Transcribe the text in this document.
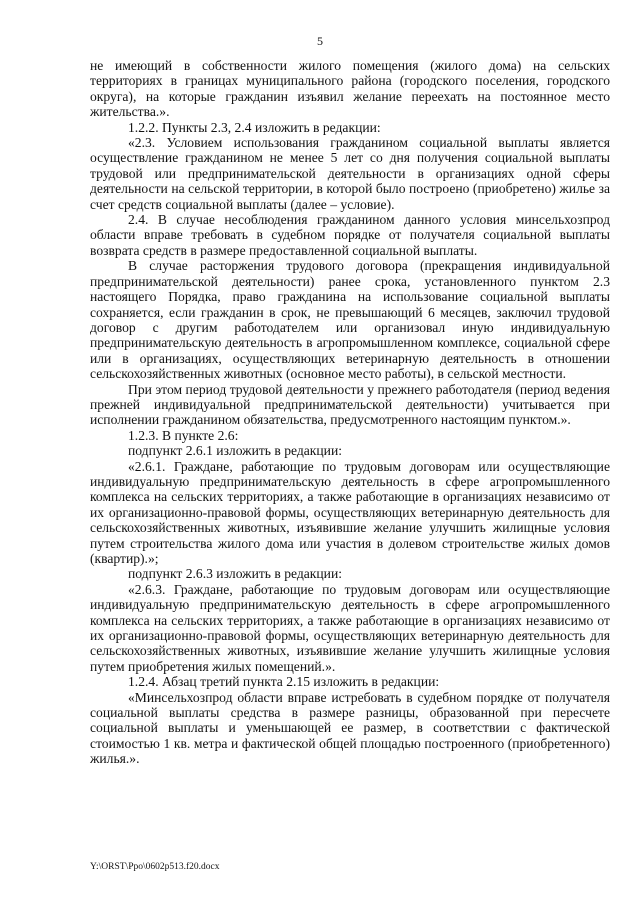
5

не имеющий в собственности жилого помещения (жилого дома) на сельских территориях в границах муниципального района (городского поселения, городского округа), на которые гражданин изъявил желание переехать на постоянное место жительства.».

1.2.2. Пункты 2.3, 2.4 изложить в редакции:

«2.3. Условием использования гражданином социальной выплаты является осуществление гражданином не менее 5 лет со дня получения социальной выплаты трудовой или предпринимательской деятельности в организациях одной сферы деятельности на сельской территории, в которой было построено (приобретено) жилье за счет средств социальной выплаты (далее – условие).

2.4. В случае несоблюдения гражданином данного условия минсельхозпрод области вправе требовать в судебном порядке от получателя социальной выплаты возврата средств в размере предоставленной социальной выплаты.

В случае расторжения трудового договора (прекращения индивидуальной предпринимательской деятельности) ранее срока, установленного пунктом 2.3 настоящего Порядка, право гражданина на использование социальной выплаты сохраняется, если гражданин в срок, не превышающий 6 месяцев, заключил трудовой договор с другим работодателем или организовал иную индивидуальную предпринимательскую деятельность в агропромышленном комплексе, социальной сфере или в организациях, осуществляющих ветеринарную деятельность в отношении сельскохозяйственных животных (основное место работы), в сельской местности.

При этом период трудовой деятельности у прежнего работодателя (период ведения прежней индивидуальной предпринимательской деятельности) учитывается при исполнении гражданином обязательства, предусмотренного настоящим пунктом.».

1.2.3. В пункте 2.6:

подпункт 2.6.1 изложить в редакции:

«2.6.1. Граждане, работающие по трудовым договорам или осуществляющие индивидуальную предпринимательскую деятельность в сфере агропромышленного комплекса на сельских территориях, а также работающие в организациях независимо от их организационно-правовой формы, осуществляющих ветеринарную деятельность для сельскохозяйственных животных, изъявившие желание улучшить жилищные условия путем строительства жилого дома или участия в долевом строительстве жилых домов (квартир).»;

подпункт 2.6.3 изложить в редакции:

«2.6.3. Граждане, работающие по трудовым договорам или осуществляющие индивидуальную предпринимательскую деятельность в сфере агропромышленного комплекса на сельских территориях, а также работающие в организациях независимо от их организационно-правовой формы, осуществляющих ветеринарную деятельность для сельскохозяйственных животных, изъявившие желание улучшить жилищные условия путем приобретения жилых помещений.».

1.2.4. Абзац третий пункта 2.15 изложить в редакции:

«Минсельхозпрод области вправе истребовать в судебном порядке от получателя социальной выплаты средства в размере разницы, образованной при пересчете социальной выплаты и уменьшающей ее размер, в соответствии с фактической стоимостью 1 кв. метра и фактической общей площадью построенного (приобретенного) жилья.».

Y:\ORST\Ppo\0602p513.f20.docx
